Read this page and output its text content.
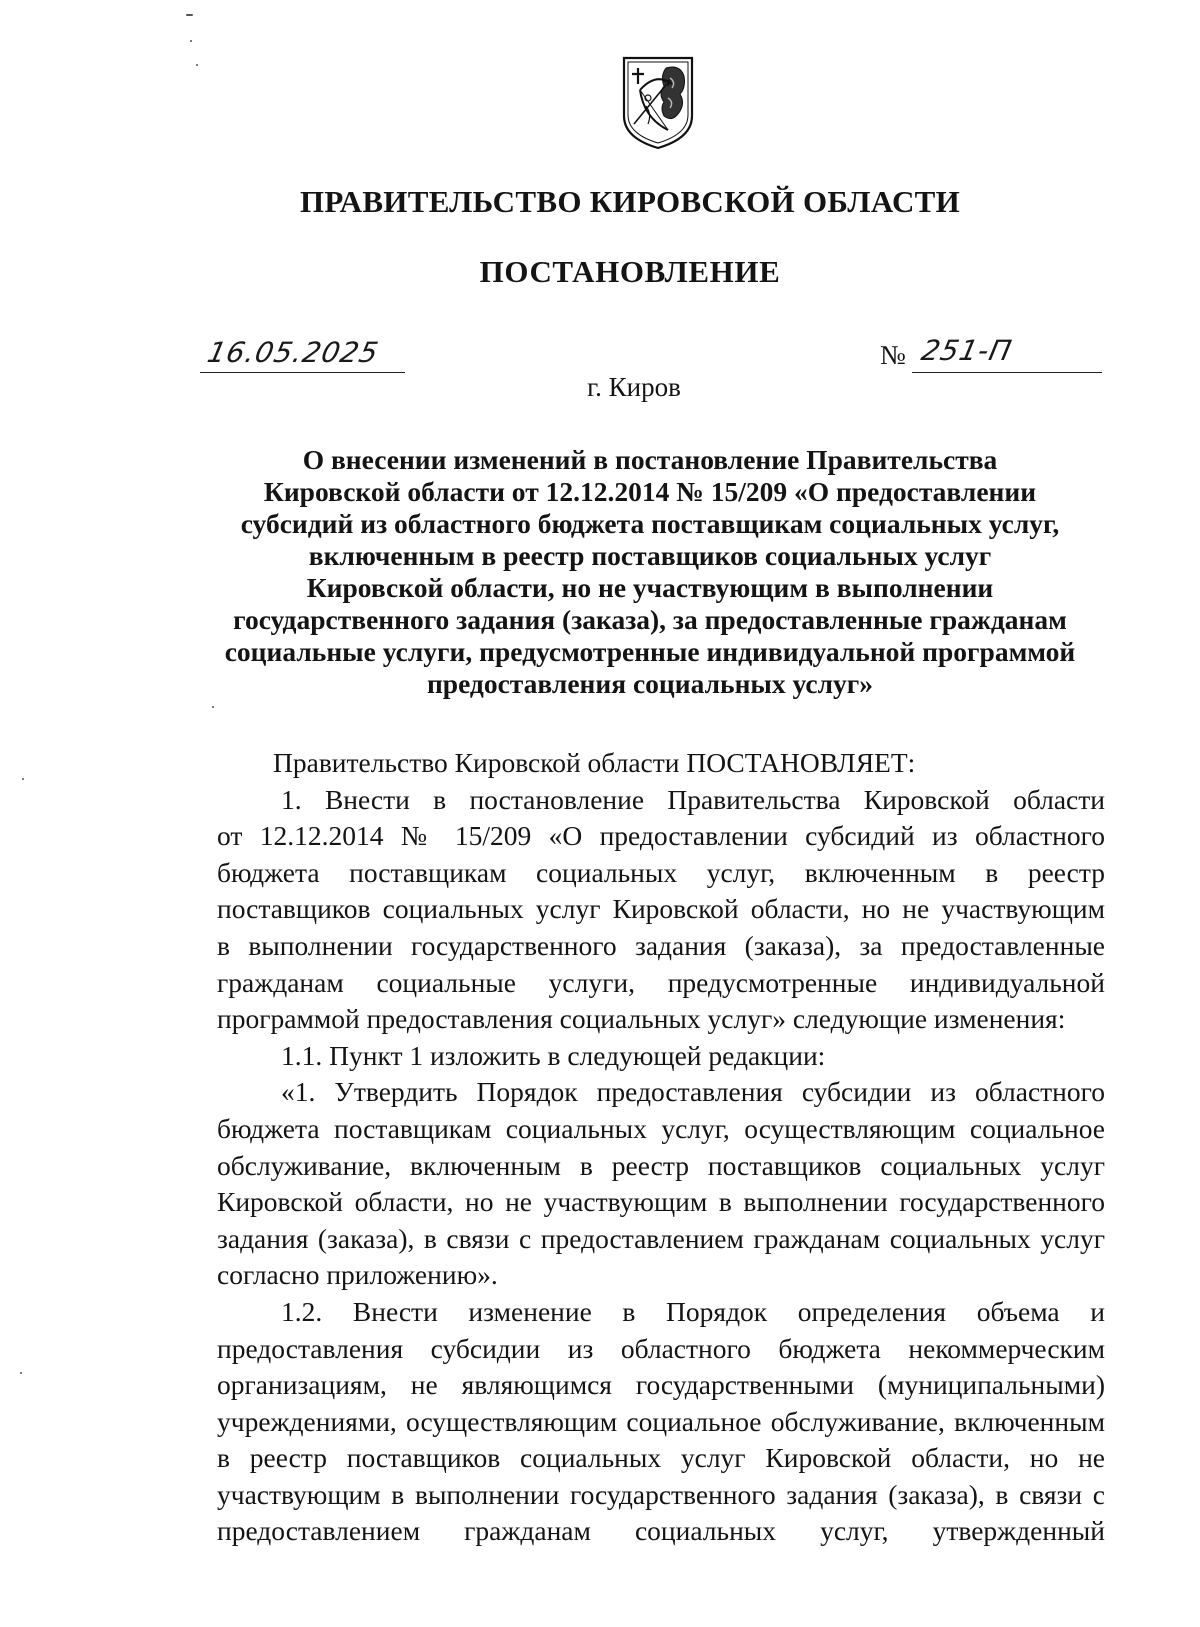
ПРАВИТЕЛЬСТВО КИРОВСКОЙ ОБЛАСТИ
ПОСТАНОВЛЕНИЕ
16.05.2025	№ 251-П
г. Киров
О внесении изменений в постановление Правительства
Кировской области от 12.12.2014 № 15/209 «О предоставлении
субсидий из областного бюджета поставщикам социальных услуг,
включенным в реестр поставщиков социальных услуг
Кировской области, но не участвующим в выполнении
государственного задания (заказа), за предоставленные гражданам
социальные услуги, предусмотренные индивидуальной программой
предоставления социальных услуг»
Правительство Кировской области ПОСТАНОВЛЯЕТ:
1. Внести в постановление Правительства Кировской области
от 12.12.2014 № 15/209 «О предоставлении субсидий из областного
бюджета поставщикам социальных услуг, включенным в реестр
поставщиков социальных услуг Кировской области, но не участвующим
в выполнении государственного задания (заказа), за предоставленные
гражданам социальные услуги, предусмотренные индивидуальной
программой предоставления социальных услуг» следующие изменения:
1.1. Пункт 1 изложить в следующей редакции:
«1. Утвердить Порядок предоставления субсидии из областного
бюджета поставщикам социальных услуг, осуществляющим социальное
обслуживание, включенным в реестр поставщиков социальных услуг
Кировской области, но не участвующим в выполнении государственного
задания (заказа), в связи с предоставлением гражданам социальных услуг
согласно приложению».
1.2. Внести изменение в Порядок определения объема и
предоставления субсидии из областного бюджета некоммерческим
организациям, не являющимся государственными (муниципальными)
учреждениями, осуществляющим социальное обслуживание, включенным
в реестр поставщиков социальных услуг Кировской области, но не
участвующим в выполнении государственного задания (заказа), в связи с
предоставлением гражданам социальных услуг, утвержденный
